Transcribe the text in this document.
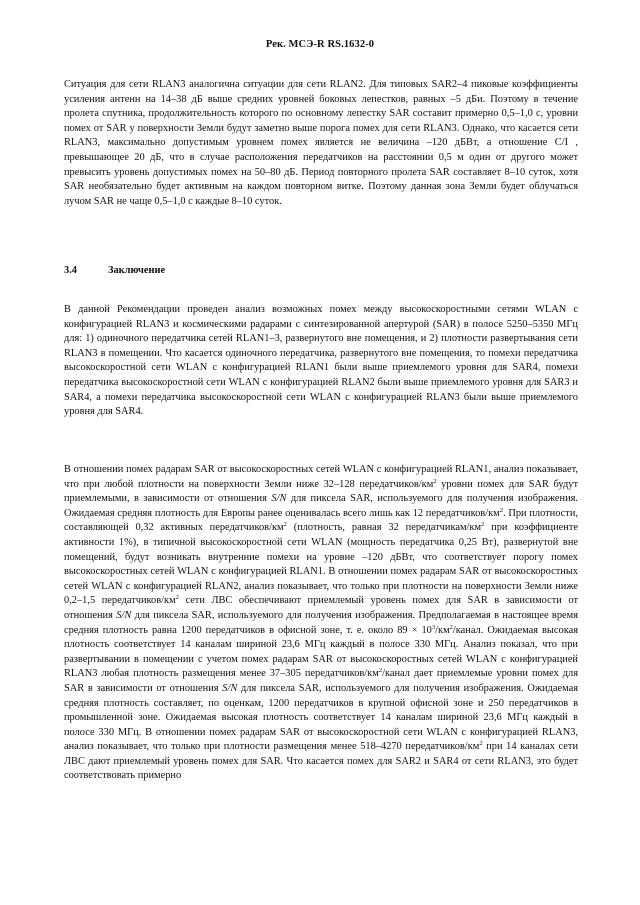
Рек. МСЭ-R RS.1632-0

Ситуация для сети RLAN3 аналогична ситуации для сети RLAN2. Для типовых SAR2–4 пиковые коэффициенты усиления антенн на 14–38 дБ выше средних уровней боковых лепестков, равных –5 дБи. Поэтому в течение пролета спутника, продолжительность которого по основному лепестку SAR составит примерно 0,5–1,0 с, уровни помех от SAR у поверхности Земли будут заметно выше порога помех для сети RLAN3. Однако, что касается сети RLAN3, максимально допустимым уровнем помех является не величина –120 дБВт, а отношение C/I , превышающее 20 дБ, что в случае расположения передатчиков на расстоянии 0,5 м один от другого может превысить уровень допустимых помех на 50–80 дБ. Период повторного пролета SAR составляет 8–10 суток, хотя SAR необязательно будет активным на каждом повторном витке. Поэтому данная зона Земли будет облучаться лучом SAR не чаще 0,5–1,0 с каждые 8–10 суток.

3.4	Заключение

В данной Рекомендации проведен анализ возможных помех между высокоскоростными сетями WLAN с конфигурацией RLAN3 и космическими радарами с синтезированной апертурой (SAR) в полосе 5250–5350 МГц для: 1) одиночного передатчика сетей RLAN1–3, развернутого вне помещения, и 2) плотности развертывания сети RLAN3 в помещении. Что касается одиночного передатчика, развернутого вне помещения, то помехи передатчика высокоскоростной сети WLAN с конфигурацией RLAN1 были выше приемлемого уровня для SAR4, помехи передатчика высокоскоростной сети WLAN с конфигурацией RLAN2 были выше приемлемого уровня для SAR3 и SAR4, а помехи передатчика высокоскоростной сети WLAN с конфигурацией RLAN3 были выше приемлемого уровня для SAR4.

В отношении помех радарам SAR от высокоскоростных сетей WLAN с конфигурацией RLAN1, анализ показывает, что при любой плотности на поверхности Земли ниже 32–128 передатчиков/$км^2$ уровни помех для SAR будут приемлемыми, в зависимости от отношения S/N для пиксела SAR, используемого для получения изображения. Ожидаемая средняя плотность для Европы ранее оценивалась всего лишь как 12 передатчиков/$км^2$. При плотности, составляющей 0,32 активных передатчиков/$км^2$ (плотность, равная 32 передатчикам/$км^2$ при коэффициенте активности 1%), в типичной высокоскоростной сети WLAN (мощность передатчика 0,25 Вт), развернутой вне помещений, будут возникать внутренние помехи на уровне –120 дБВт, что соответствует порогу помех высокоскоростных сетей WLAN с конфигурацией RLAN1. В отношении помех радарам SAR от высокоскоростных сетей WLAN с конфигурацией RLAN2, анализ показывает, что только при плотности на поверхности Земли ниже 0,2–1,5 передатчиков/$км^2$ сети ЛВС обеспечивают приемлемый уровень помех для SAR в зависимости от отношения S/N для пиксела SAR, используемого для получения изображения. Предполагаемая в настоящее время средняя плотность равна 1200 передатчиков в офисной зоне, т. е. около $89 \times 10^3/км^2$/канал. Ожидаемая высокая плотность соответствует 14 каналам шириной 23,6 МГц каждый в полосе 330 МГц. Анализ показал, что при развертывании в помещении с учетом помех радарам SAR от высокоскоростных сетей WLAN с конфигурацией RLAN3 любая плотность размещения менее 37–305 передатчиков/$км^2$/канал дает приемлемые уровни помех для SAR в зависимости от отношения S/N для пиксела SAR, используемого для получения изображения. Ожидаемая средняя плотность составляет, по оценкам, 1200 передатчиков в крупной офисной зоне и 250 передатчиков в промышленной зоне. Ожидаемая высокая плотность соответствует 14 каналам шириной 23,6 МГц каждый в полосе 330 МГц. В отношении помех радарам SAR от высокоскоростной сети WLAN с конфигурацией RLAN3, анализ показывает, что только при плотности размещения менее 518–4270 передатчиков/$км^2$ при 14 каналах сети ЛВС дают приемлемый уровень помех для SAR. Что касается помех для SAR2 и SAR4 от сети RLAN3, это будет соответствовать примерно
